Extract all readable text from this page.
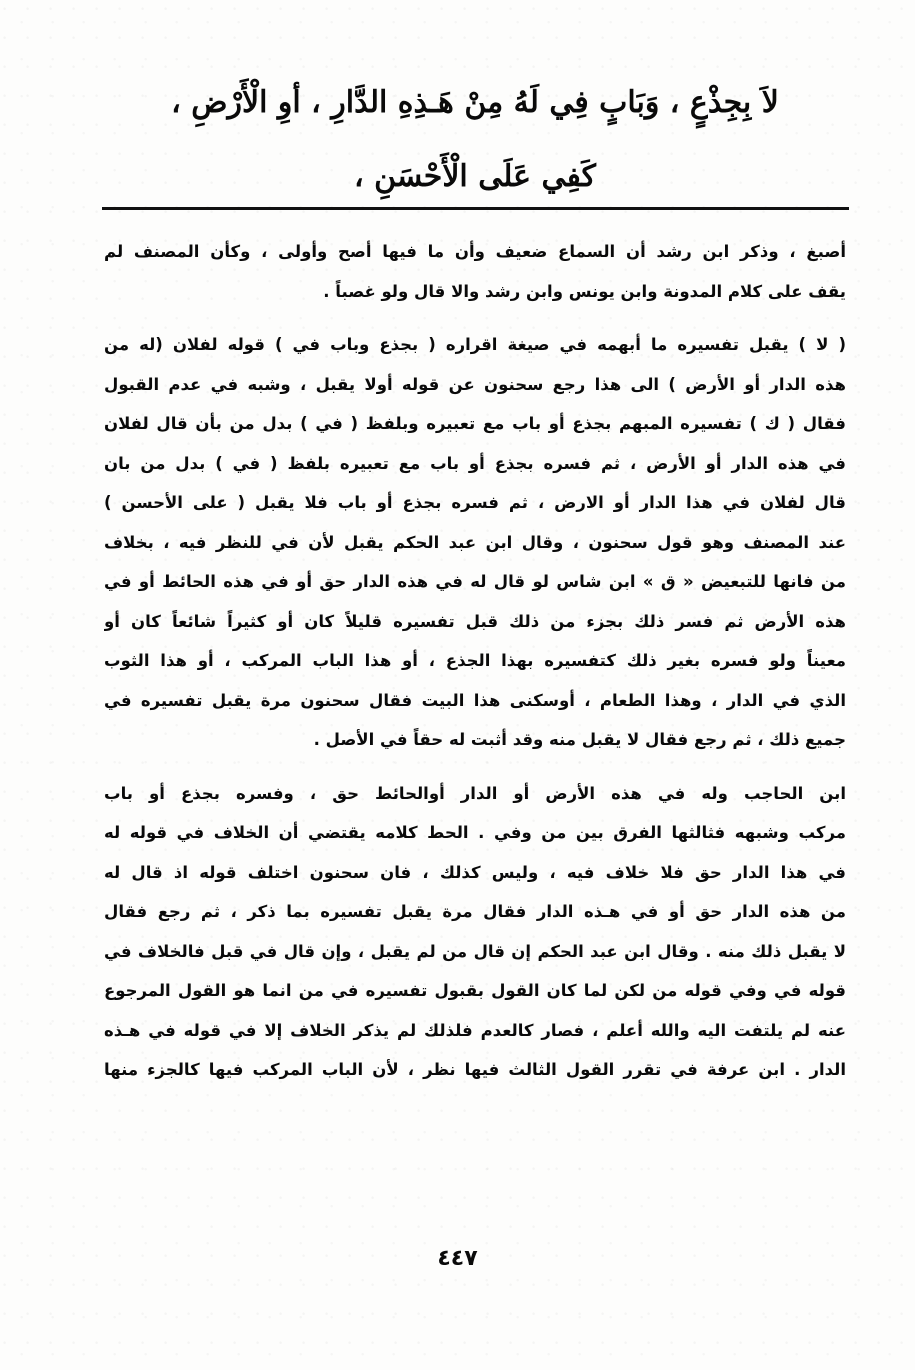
لاَ بِجِذْعٍ ، وَبَابٍ فِي لَهُ مِنْ هَـذِهِ الدَّارِ ، أوِ الْأَرْضِ ،
كَفِي عَلَى الْأَحْسَنِ ،
أصبغ ، وذكر ابن رشد أن السماع ضعيف وأن ما فيها أصح وأولى ، وكأن المصنف لم
يقف على كلام المدونة وابن يونس وابن رشد والا قال ولو غصباً .
( لا ) يقبل تفسيره ما أبهمه في صيغة اقراره ( بجذع وباب في ) قوله لفلان (له من
هذه الدار أو الأرض ) الى هذا رجع سحنون عن قوله أولا يقبل ، وشبه في عدم القبول
فقال ( ك ) تفسيره المبهم بجذع أو باب مع تعبيره وبلفظ ( في ) بدل من بأن قال لفلان
في هذه الدار أو الأرض ، ثم فسره بجذع أو باب مع تعبيره بلفظ ( في ) بدل من بان
قال لفلان في هذا الدار أو الارض ، ثم فسره بجذع أو باب فلا يقبل ( على الأحسن )
عند المصنف وهو قول سحنون ، وقال ابن عبد الحكم يقبل لأن في للنظر فيه ، بخلاف
من فانها للتبعيض « ق » ابن شاس لو قال له في هذه الدار حق أو في هذه الحائط أو في
هذه الأرض ثم فسر ذلك بجزء من ذلك قبل تفسيره قليلاً كان أو كثيراً شائعاً كان أو
معيناً ولو فسره بغير ذلك كتفسيره بهذا الجذع ، أو هذا الباب المركب ، أو هذا الثوب
الذي في الدار ، وهذا الطعام ، أوسكنى هذا البيت فقال سحنون مرة يقبل تفسيره في
جميع ذلك ، ثم رجع فقال لا يقبل منه وقد أثبت له حقاً في الأصل .
ابن الحاجب وله في هذه الأرض أو الدار أوالحائط حق ، وفسره بجذع أو باب
مركب وشبهه فثالثها الفرق بين من وفي . الحط كلامه يقتضي أن الخلاف في قوله له
في هذا الدار حق فلا خلاف فيه ، وليس كذلك ، فان سحنون اختلف قوله اذ قال له
من هذه الدار حق أو في هـذه الدار فقال مرة يقبل تفسيره بما ذكر ، ثم رجع فقال
لا يقبل ذلك منه . وقال ابن عبد الحكم إن قال من لم يقبل ، وإن قال في قبل فالخلاف في
قوله في وفي قوله من لكن لما كان القول بقبول تفسيره في من انما هو القول المرجوع
عنه لم يلتفت اليه والله أعلم ، فصار كالعدم فلذلك لم يذكر الخلاف إلا في قوله في هـذه
الدار . ابن عرفة في تقرر القول الثالث فيها نظر ، لأن الباب المركب فيها كالجزء منها
٤٤٧
